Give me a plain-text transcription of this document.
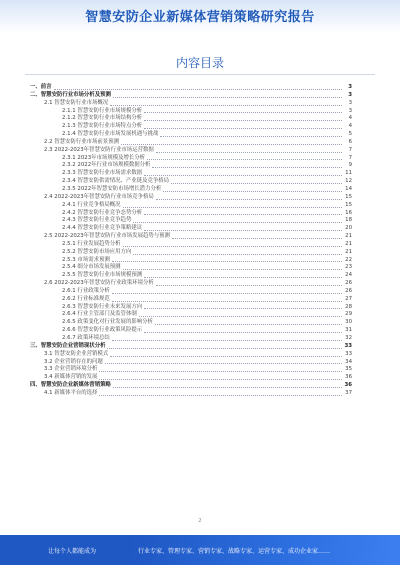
智慧安防企业新媒体营销策略研究报告
内容目录
一、前言	3
二、智慧安防行业市场分析及预测	3
2.1 智慧安防行业市场概况	3
2.1.1 智慧安防行业市场规模分析	3
2.1.2 智慧安防行业市场结构分析	4
2.1.3 智慧安防行业市场特点分析	4
2.1.4 智慧安防行业市场发展机遇与挑战	5
2.2 智慧安防行业市场前景预测	6
2.3 2022-2023年智慧安防行业市场运营数据	7
2.3.1 2023年市场规模及增长分析	7
2.3.2 2022年行业市场规模数据分析	9
2.3.3 智慧安防行业市场需求数据	11
2.3.4 智慧安防供需情况、产业链及竞争格局	12
2.3.5 2022年智慧安防市场增长潜力分析	14
2.4 2022-2023年智慧安防行业市场竞争格局	15
2.4.1 行业竞争格局概况	15
2.4.2 智慧安防行业竞争态势分析	16
2.4.3 智慧安防行业竞争趋势	18
2.4.4 智慧安防行业竞争策略建议	20
2.5 2022-2023年智慧安防行业市场发展趋势与预测	21
2.5.1 行业发展趋势分析	21
2.5.2 智慧安防市场应用方向	21
2.5.3 市场需求预测	22
2.5.4 细分市场发展预测	23
2.5.5 智慧安防行业市场规模预测	24
2.6 2022-2023年智慧安防行业政策环境分析	26
2.6.1 行业政策分析	26
2.6.2 行业标准规范	27
2.6.3 智慧安防行业未来发展方向	28
2.6.4 行业主管部门及监管体制	29
2.6.5 政策变化对行业发展的影响分析	30
2.6.6 智慧安防行业政策风险提示	31
2.6.7 政策环境总结	32
三、智慧安防企业营销现状分析	33
3.1 智慧安防企业营销模式	33
3.2 企业营销存在的问题	34
3.3 企业营销环境分析	35
3.4 新媒体营销的发展	36
四、智慧安防企业新媒体营销策略	36
4.1 新媒体平台的选择	37
2
让每个人都能成为	行业专家、管理专家、营销专家、战略专家、运营专家、成功企业家……
